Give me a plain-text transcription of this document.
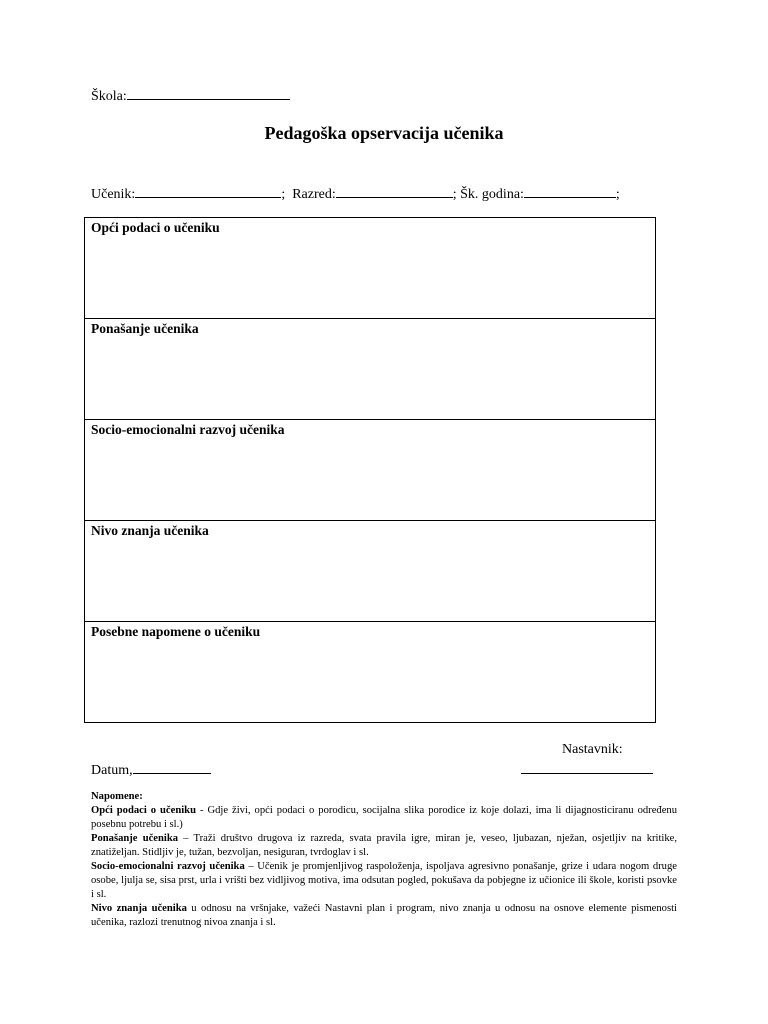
Škola:
Pedagoška opservacija učenika
Učenik:	; Razred:	; Šk. godina:	;
Opći podaci o učeniku
Ponašanje učenika
Socio-emocionalni razvoj učenika
Nivo znanja učenika
Posebne napomene o učeniku
Nastavnik:
Datum,

Napomene:

Opći podaci o učeniku - Gdje živi, opći podaci o porodicu, socijalna slika porodice iz koje dolazi, ima li dijagnosticiranu određenu posebnu potrebu i sl.)

Ponašanje učenika – Traži društvo drugova iz razreda, svata pravila igre, miran je, veseo, ljubazan, nježan, osjetljiv na kritike, znatiželjan. Stidljiv je, tužan, bezvoljan, nesiguran, tvrdoglav i sl.

Socio-emocionalni razvoj učenika – Učenik je promjenljivog raspoloženja, ispoljava agresivno ponašanje, grize i udara nogom druge osobe, ljulja se, sisa prst, urla i vrišti bez vidljivog motiva, ima odsutan pogled, pokušava da pobjegne iz učionice ili škole, koristi psovke i sl.

Nivo znanja učenika u odnosu na vršnjake, važeći Nastavni plan i program, nivo znanja u odnosu na osnove elemente pismenosti učenika, razlozi trenutnog nivoa znanja i sl.
